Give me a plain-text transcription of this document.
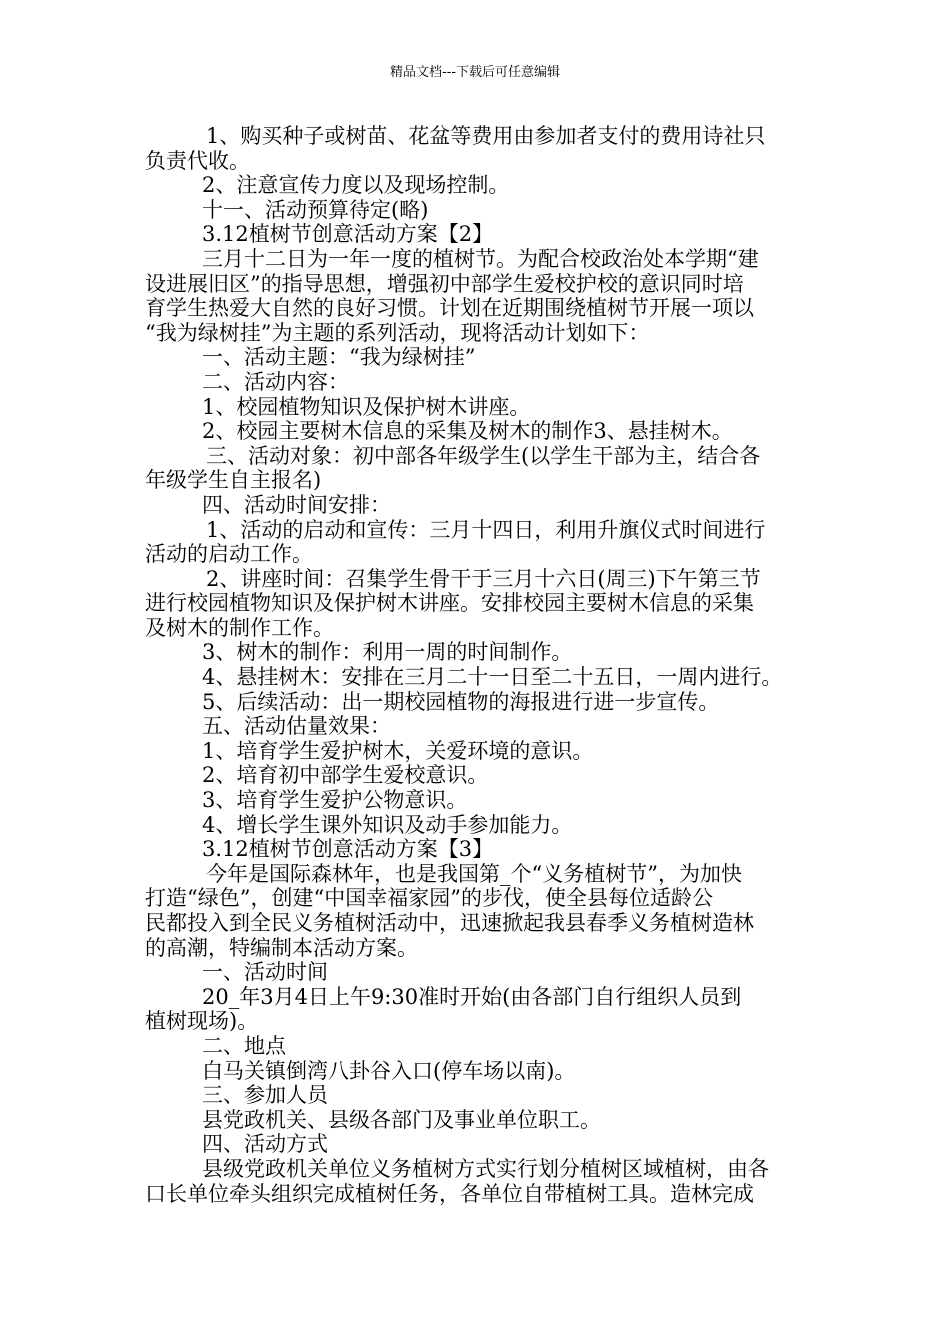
精品文档---下载后可任意编辑
1、购买种子或树苗、花盆等费用由参加者支付的费用诗社只
负责代收。
2、注意宣传力度以及现场控制。
十一、活动预算待定(略)
3.12植树节创意活动方案【2】
三月十二日为一年一度的植树节。为配合校政治处本学期“建
设进展旧区”的指导思想，增强初中部学生爱校护校的意识同时培
育学生热爱大自然的良好习惯。计划在近期围绕植树节开展一项以
“我为绿树挂”为主题的系列活动，现将活动计划如下：
一、活动主题：“我为绿树挂”
二、活动内容：
1、校园植物知识及保护树木讲座。
2、校园主要树木信息的采集及树木的制作3、悬挂树木。
三、活动对象：初中部各年级学生(以学生干部为主，结合各
年级学生自主报名)
四、活动时间安排：
1、活动的启动和宣传：三月十四日，利用升旗仪式时间进行
活动的启动工作。
2、讲座时间：召集学生骨干于三月十六日(周三)下午第三节
进行校园植物知识及保护树木讲座。安排校园主要树木信息的采集
及树木的制作工作。
3、树木的制作：利用一周的时间制作。
4、悬挂树木：安排在三月二十一日至二十五日，一周内进行。
5、后续活动：出一期校园植物的海报进行进一步宣传。
五、活动估量效果：
1、培育学生爱护树木，关爱环境的意识。
2、培育初中部学生爱校意识。
3、培育学生爱护公物意识。
4、增长学生课外知识及动手参加能力。
3.12植树节创意活动方案【3】
今年是国际森林年，也是我国第_个“义务植树节”，为加快
打造“绿色”，创建“中国幸福家园”的步伐，使全县每位适龄公
民都投入到全民义务植树活动中，迅速掀起我县春季义务植树造林
的高潮，特编制本活动方案。
一、活动时间
20_年3月4日上午9:30准时开始(由各部门自行组织人员到
植树现场)。
二、地点
白马关镇倒湾八卦谷入口(停车场以南)。
三、参加人员
县党政机关、县级各部门及事业单位职工。
四、活动方式
县级党政机关单位义务植树方式实行划分植树区域植树，由各
口长单位牵头组织完成植树任务，各单位自带植树工具。造林完成
